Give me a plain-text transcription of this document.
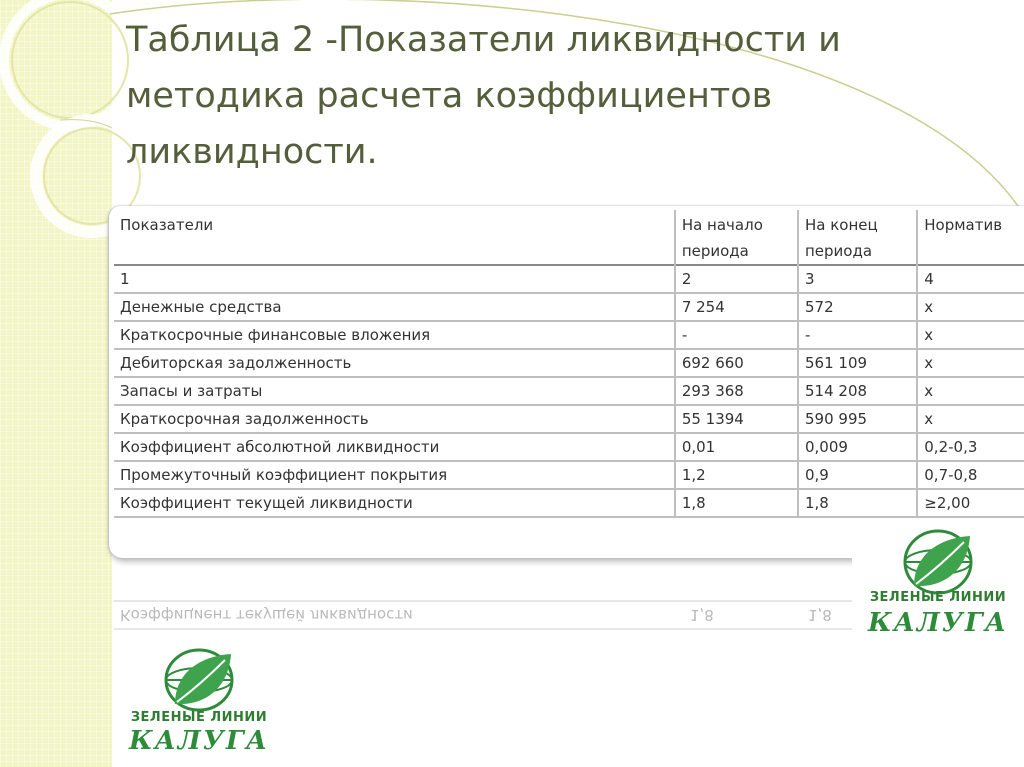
Таблица 2 -Показатели ликвидности и методика расчета коэффициентов ликвидности.
Показатели	На начало периода	На конец периода	Норматив
1	2	3	4
Денежные средства	7 254	572	х
Краткосрочные финансовые вложения	-	-	х
Дебиторская задолженность	692 660	561 109	х
Запасы и затраты	293 368	514 208	х
Краткосрочная задолженность	55 1394	590 995	х
Коэффициент абсолютной ликвидности	0,01	0,009	0,2-0,3
Промежуточный коэффициент покрытия	1,2	0,9	0,7-0,8
Коэффициент текущей ликвидности	1,8	1,8	≥2,00
Коэффициент текущей ликвидности	1,8	1,8
ЗЕЛЕНЫЕ ЛИНИИ
КАЛУГА
ЗЕЛЕНЫЕ ЛИНИИ
КАЛУГА
